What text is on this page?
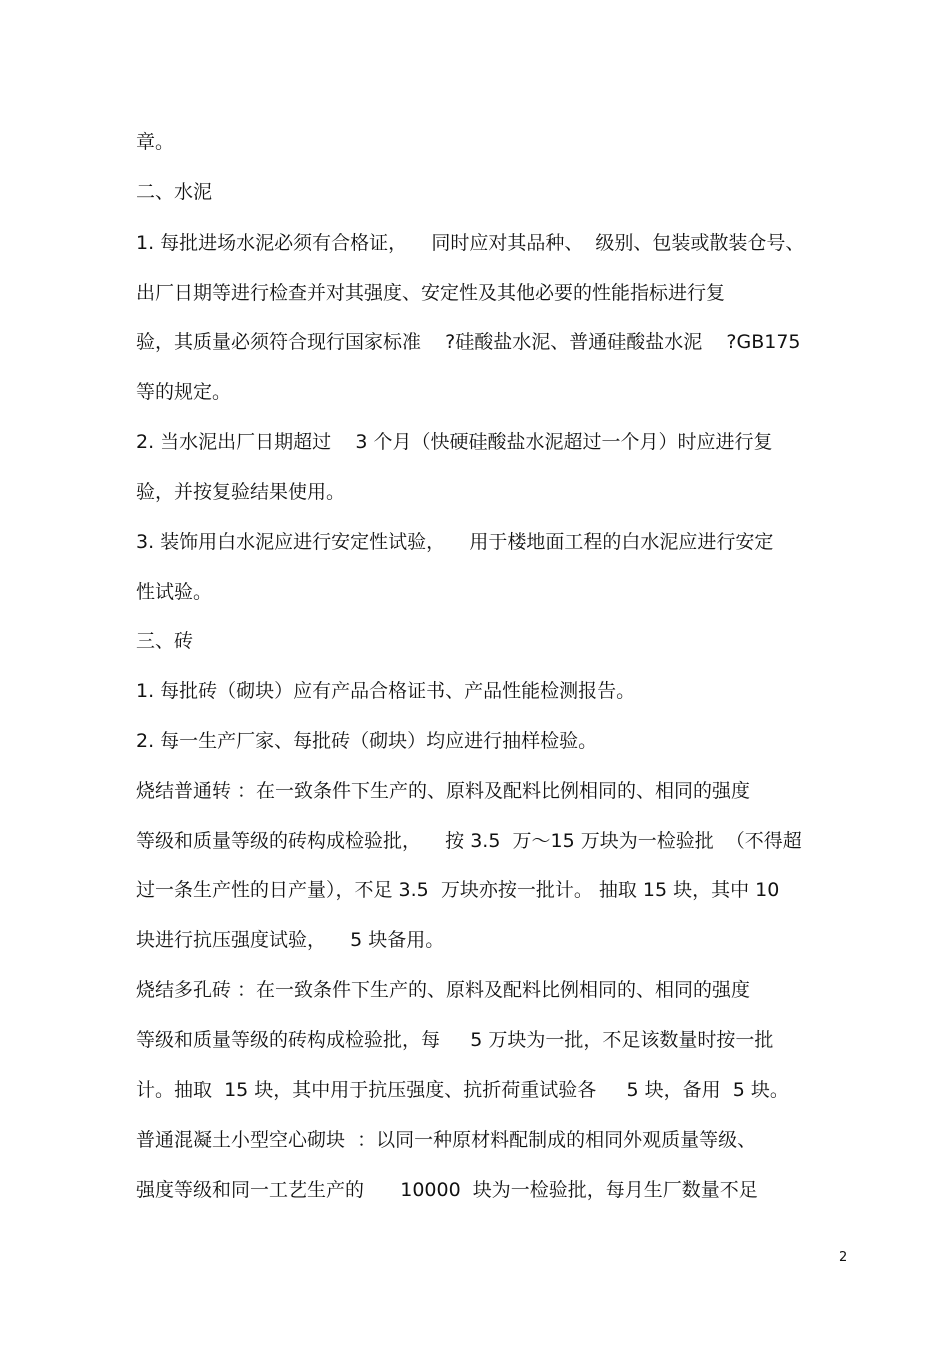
章。

二、水泥

1. 每批进场水泥必须有合格证，    同时应对其品种、  级别、包装或散装仓号、

出厂日期等进行检查并对其强度、安定性及其他必要的性能指标进行复

验，其质量必须符合现行国家标准    ?硅酸盐水泥、普通硅酸盐水泥    ?GB175

等的规定。

2. 当水泥出厂日期超过    3 个月（快硬硅酸盐水泥超过一个月）时应进行复

验，并按复验结果使用。

3. 装饰用白水泥应进行安定性试验，    用于楼地面工程的白水泥应进行安定

性试验。

三、砖

1. 每批砖（砌块）应有产品合格证书、产品性能检测报告。

2. 每一生产厂家、每批砖（砌块）均应进行抽样检验。

烧结普通转 ：在一致条件下生产的、原料及配料比例相同的、相同的强度

等级和质量等级的砖构成检验批，    按 3.5  万～15 万块为一检验批  （不得超

过一条生产性的日产量），不足 3.5  万块亦按一批计。 抽取 15 块，其中 10

块进行抗压强度试验，    5 块备用。

烧结多孔砖 ：在一致条件下生产的、原料及配料比例相同的、相同的强度

等级和质量等级的砖构成检验批，每     5 万块为一批，不足该数量时按一批

计。抽取  15 块，其中用于抗压强度、抗折荷重试验各     5 块，备用  5 块。

普通混凝土小型空心砌块  ：以同一种原材料配制成的相同外观质量等级、

强度等级和同一工艺生产的      10000  块为一检验批，每月生厂数量不足

2
